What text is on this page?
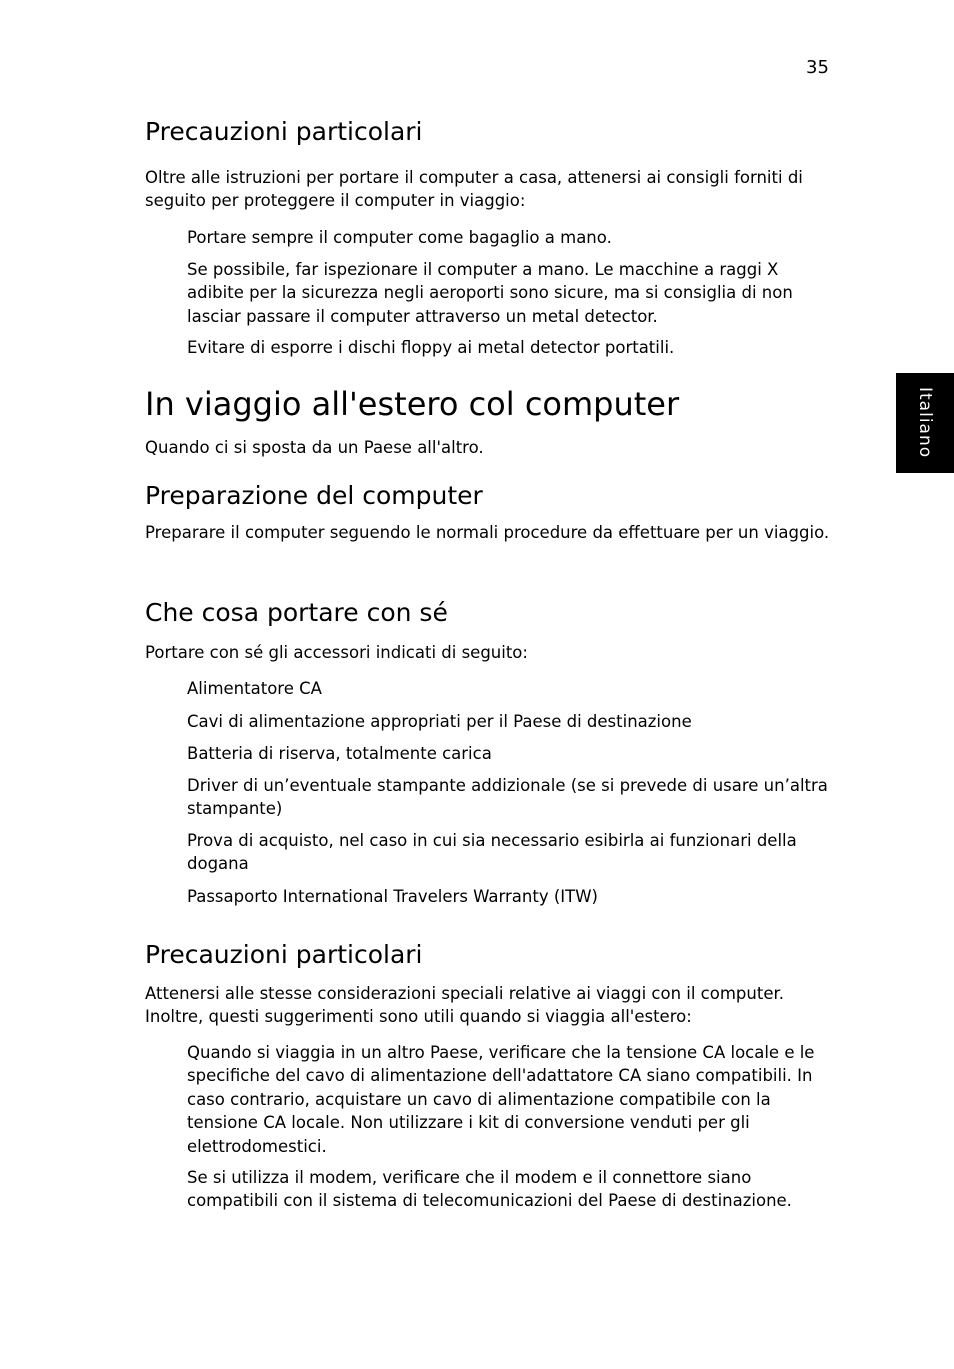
35
Italiano
Precauzioni particolari
Oltre alle istruzioni per portare il computer a casa, attenersi ai consigli forniti di seguito per proteggere il computer in viaggio:
Portare sempre il computer come bagaglio a mano.
Se possibile, far ispezionare il computer a mano. Le macchine a raggi X adibite per la sicurezza negli aeroporti sono sicure, ma si consiglia di non lasciar passare il computer attraverso un metal detector.
Evitare di esporre i dischi floppy ai metal detector portatili.
In viaggio all'estero col computer
Quando ci si sposta da un Paese all'altro.
Preparazione del computer
Preparare il computer seguendo le normali procedure da effettuare per un viaggio.
Che cosa portare con sé
Portare con sé gli accessori indicati di seguito:
Alimentatore CA
Cavi di alimentazione appropriati per il Paese di destinazione
Batteria di riserva, totalmente carica
Driver di un’eventuale stampante addizionale (se si prevede di usare un’altra stampante)
Prova di acquisto, nel caso in cui sia necessario esibirla ai funzionari della dogana
Passaporto International Travelers Warranty (ITW)
Precauzioni particolari
Attenersi alle stesse considerazioni speciali relative ai viaggi con il computer. Inoltre, questi suggerimenti sono utili quando si viaggia all'estero:
Quando si viaggia in un altro Paese, verificare che la tensione CA locale e le specifiche del cavo di alimentazione dell'adattatore CA siano compatibili. In caso contrario, acquistare un cavo di alimentazione compatibile con la tensione CA locale. Non utilizzare i kit di conversione venduti per gli elettrodomestici.
Se si utilizza il modem, verificare che il modem e il connettore siano compatibili con il sistema di telecomunicazioni del Paese di destinazione.
